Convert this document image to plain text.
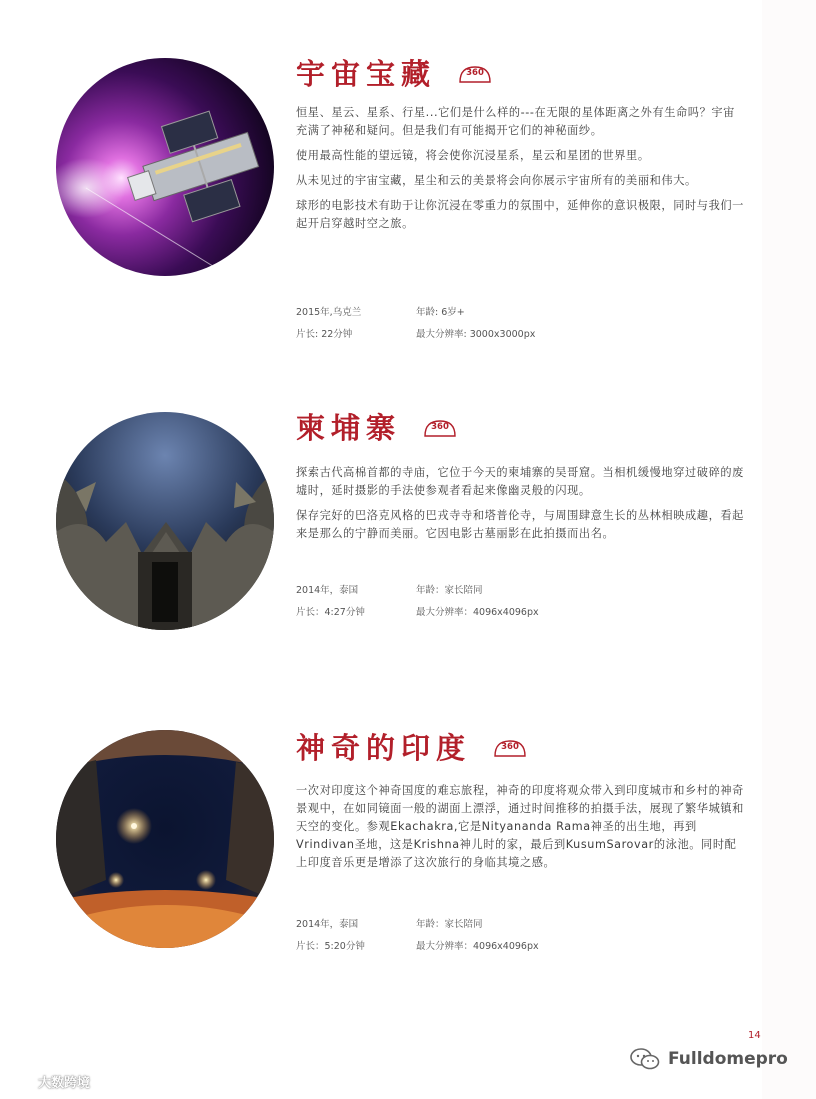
宇宙宝藏	360

恒星、星云、星系、行星...它们是什么样的---在无限的星体距离之外有生命吗？宇宙充满了神秘和疑问。但是我们有可能揭开它们的神秘面纱。

使用最高性能的望远镜，将会使你沉浸星系，星云和星团的世界里。

从未见过的宇宙宝藏，星尘和云的美景将会向你展示宇宙所有的美丽和伟大。

球形的电影技术有助于让你沉浸在零重力的氛围中，延伸你的意识极限，同时与我们一起开启穿越时空之旅。

2015年,乌克兰	年龄: 6岁+
片长: 22分钟	最大分辨率: 3000x3000px
柬埔寨	360

探索古代高棉首都的寺庙，它位于今天的柬埔寨的吴哥窟。当相机缓慢地穿过破碎的废墟时，延时摄影的手法使参观者看起来像幽灵般的闪现。

保存完好的巴洛克风格的巴戎寺寺和塔普伦寺，与周围肆意生长的丛林相映成趣，看起来是那么的宁静而美丽。它因电影古墓丽影在此拍摄而出名。

2014年，泰国	年龄：家长陪同
片长：4:27分钟	最大分辨率：4096x4096px
神奇的印度	360

一次对印度这个神奇国度的难忘旅程，神奇的印度将观众带入到印度城市和乡村的神奇景观中，在如同镜面一般的湖面上漂浮，通过时间推移的拍摄手法，展现了繁华城镇和天空的变化。参观Ekachakra,它是Nityananda Rama神圣的出生地，再到Vrindivan圣地，这是Krishna神儿时的家，最后到KusumSarovar的泳池。同时配上印度音乐更是增添了这次旅行的身临其境之感。

2014年，泰国	年龄：家长陪同
片长：5:20分钟	最大分辨率：4096x4096px
14
Fulldomepro
大数跨境
